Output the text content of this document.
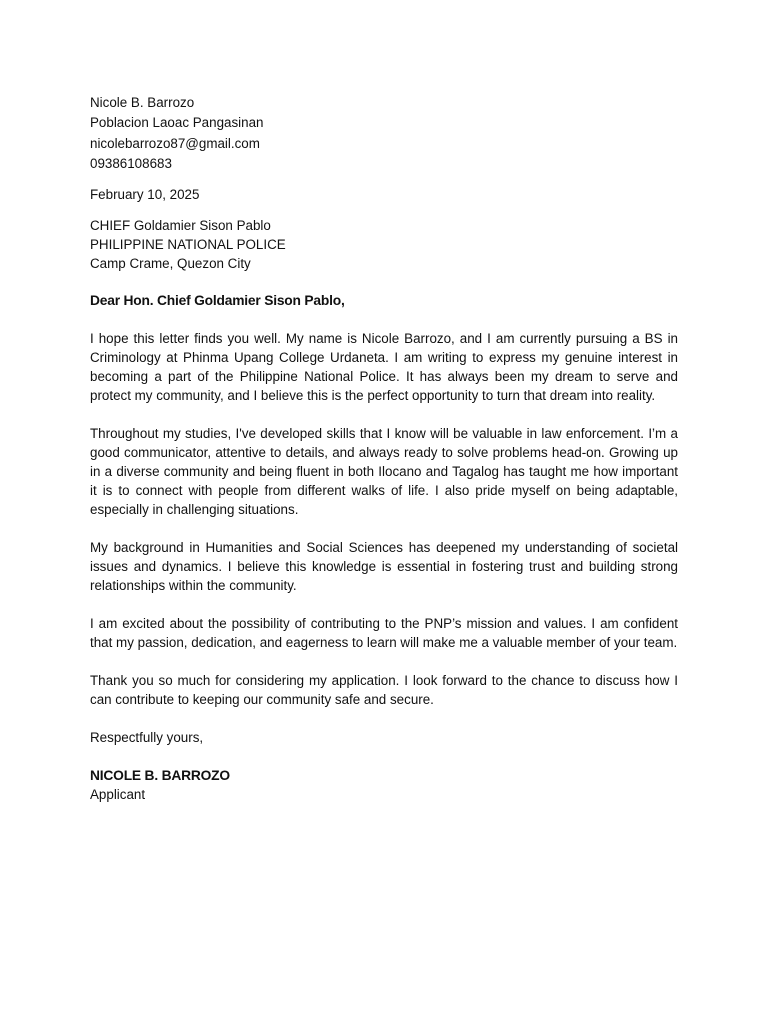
Nicole B. Barrozo
Poblacion Laoac Pangasinan
nicolebarrozo87@gmail.com
09386108683
February 10, 2025
CHIEF Goldamier Sison Pablo
PHILIPPINE NATIONAL POLICE
Camp Crame, Quezon City
Dear Hon. Chief Goldamier Sison Pablo,

I hope this letter finds you well. My name is Nicole Barrozo, and I am currently pursuing a BS in Criminology at Phinma Upang College Urdaneta. I am writing to express my genuine interest in becoming a part of the Philippine National Police. It has always been my dream to serve and protect my community, and I believe this is the perfect opportunity to turn that dream into reality.

Throughout my studies, I've developed skills that I know will be valuable in law enforcement. I’m a good communicator, attentive to details, and always ready to solve problems head-on. Growing up in a diverse community and being fluent in both Ilocano and Tagalog has taught me how important it is to connect with people from different walks of life. I also pride myself on being adaptable, especially in challenging situations.

My background in Humanities and Social Sciences has deepened my understanding of societal issues and dynamics. I believe this knowledge is essential in fostering trust and building strong relationships within the community.

I am excited about the possibility of contributing to the PNP’s mission and values. I am confident that my passion, dedication, and eagerness to learn will make me a valuable member of your team.

Thank you so much for considering my application. I look forward to the chance to discuss how I can contribute to keeping our community safe and secure.

Respectfully yours,
NICOLE B. BARROZO
Applicant
